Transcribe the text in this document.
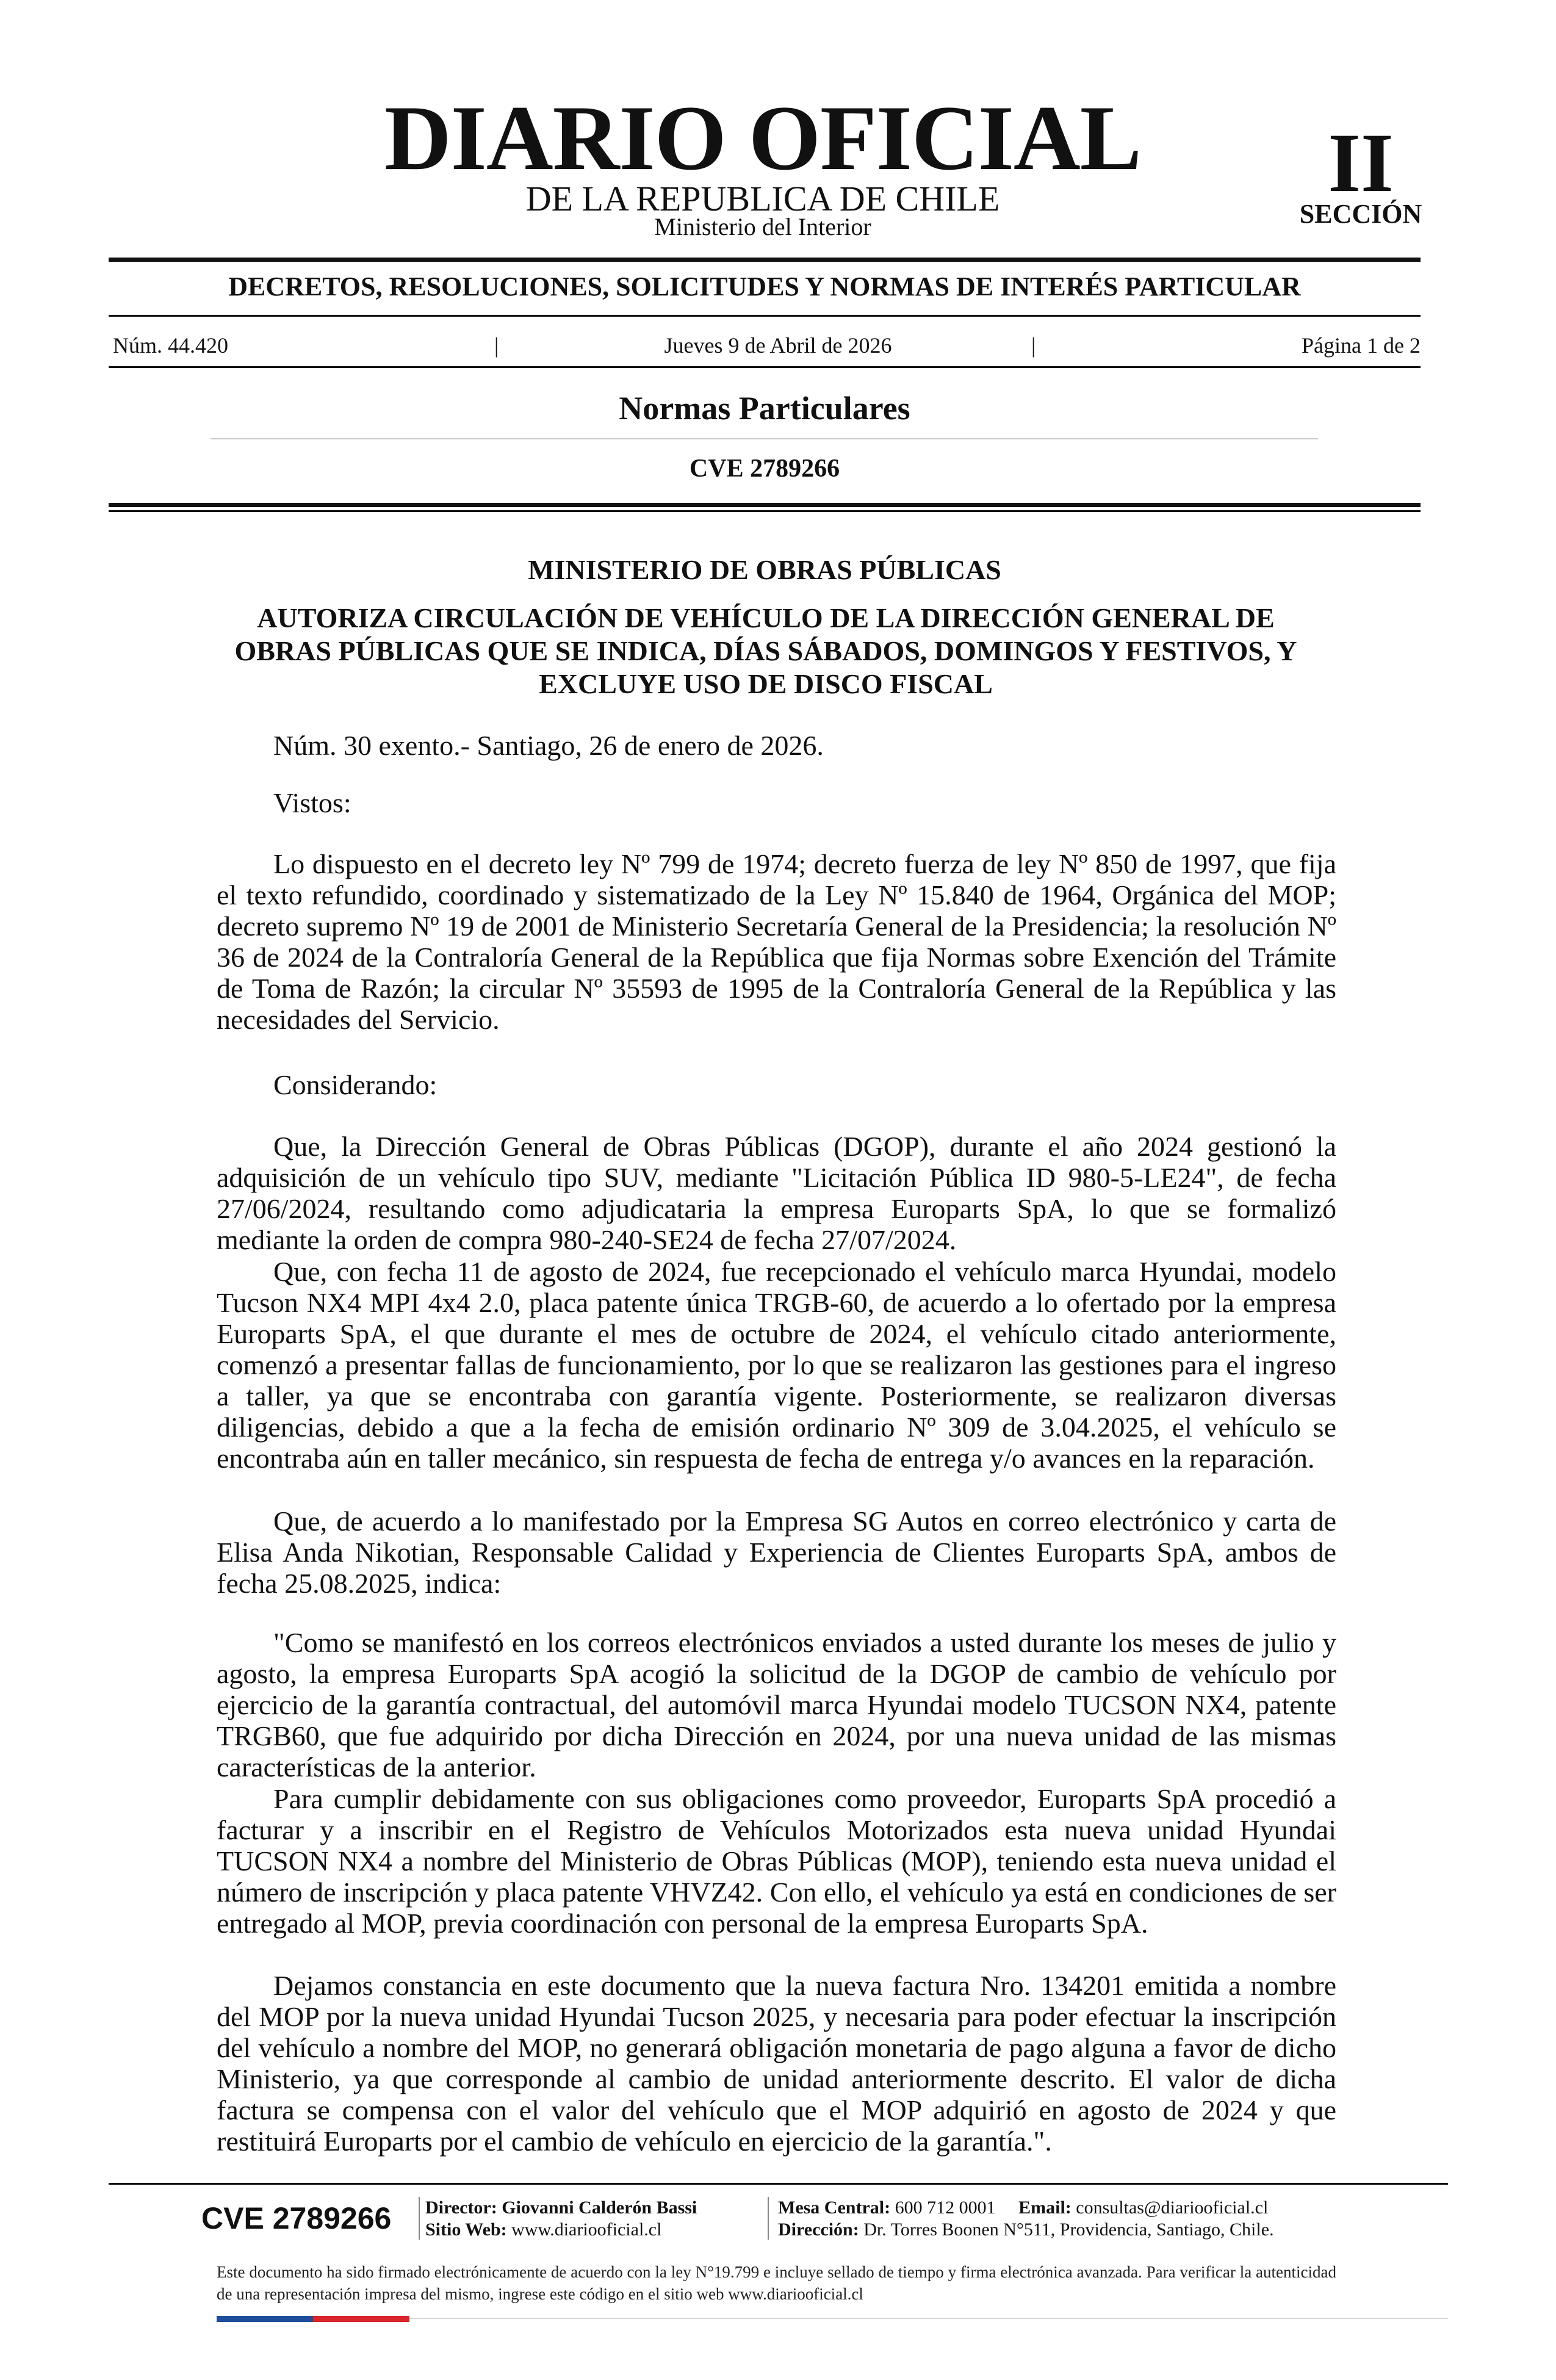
DIARIO OFICIAL
DE LA REPUBLICA DE CHILE
Ministerio del Interior
II
SECCIÓN
DECRETOS, RESOLUCIONES, SOLICITUDES Y NORMAS DE INTERÉS PARTICULAR
Núm. 44.420	|	Jueves 9 de Abril de 2026	|	Página 1 de 2
Normas Particulares
CVE 2789266
MINISTERIO DE OBRAS PÚBLICAS
AUTORIZA CIRCULACIÓN DE VEHÍCULO DE LA DIRECCIÓN GENERAL DE OBRAS PÚBLICAS QUE SE INDICA, DÍAS SÁBADOS, DOMINGOS Y FESTIVOS, Y EXCLUYE USO DE DISCO FISCAL
Núm. 30 exento.- Santiago, 26 de enero de 2026.
Vistos:
Lo dispuesto en el decreto ley Nº 799 de 1974; decreto fuerza de ley Nº 850 de 1997, que fija el texto refundido, coordinado y sistematizado de la Ley Nº 15.840 de 1964, Orgánica del MOP; decreto supremo Nº 19 de 2001 de Ministerio Secretaría General de la Presidencia; la resolución Nº 36 de 2024 de la Contraloría General de la República que fija Normas sobre Exención del Trámite de Toma de Razón; la circular Nº 35593 de 1995 de la Contraloría General de la República y las necesidades del Servicio.
Considerando:
Que, la Dirección General de Obras Públicas (DGOP), durante el año 2024 gestionó la adquisición de un vehículo tipo SUV, mediante "Licitación Pública ID 980-5-LE24", de fecha 27/06/2024, resultando como adjudicataria la empresa Europarts SpA, lo que se formalizó mediante la orden de compra 980-240-SE24 de fecha 27/07/2024.
Que, con fecha 11 de agosto de 2024, fue recepcionado el vehículo marca Hyundai, modelo Tucson NX4 MPI 4x4 2.0, placa patente única TRGB-60, de acuerdo a lo ofertado por la empresa Europarts SpA, el que durante el mes de octubre de 2024, el vehículo citado anteriormente, comenzó a presentar fallas de funcionamiento, por lo que se realizaron las gestiones para el ingreso a taller, ya que se encontraba con garantía vigente. Posteriormente, se realizaron diversas diligencias, debido a que a la fecha de emisión ordinario Nº 309 de 3.04.2025, el vehículo se encontraba aún en taller mecánico, sin respuesta de fecha de entrega y/o avances en la reparación.
Que, de acuerdo a lo manifestado por la Empresa SG Autos en correo electrónico y carta de Elisa Anda Nikotian, Responsable Calidad y Experiencia de Clientes Europarts SpA, ambos de fecha 25.08.2025, indica:
"Como se manifestó en los correos electrónicos enviados a usted durante los meses de julio y agosto, la empresa Europarts SpA acogió la solicitud de la DGOP de cambio de vehículo por ejercicio de la garantía contractual, del automóvil marca Hyundai modelo TUCSON NX4, patente TRGB60, que fue adquirido por dicha Dirección en 2024, por una nueva unidad de las mismas características de la anterior.
Para cumplir debidamente con sus obligaciones como proveedor, Europarts SpA procedió a facturar y a inscribir en el Registro de Vehículos Motorizados esta nueva unidad Hyundai TUCSON NX4 a nombre del Ministerio de Obras Públicas (MOP), teniendo esta nueva unidad el número de inscripción y placa patente VHVZ42. Con ello, el vehículo ya está en condiciones de ser entregado al MOP, previa coordinación con personal de la empresa Europarts SpA.
Dejamos constancia en este documento que la nueva factura Nro. 134201 emitida a nombre del MOP por la nueva unidad Hyundai Tucson 2025, y necesaria para poder efectuar la inscripción del vehículo a nombre del MOP, no generará obligación monetaria de pago alguna a favor de dicho Ministerio, ya que corresponde al cambio de unidad anteriormente descrito. El valor de dicha factura se compensa con el valor del vehículo que el MOP adquirió en agosto de 2024 y que restituirá Europarts por el cambio de vehículo en ejercicio de la garantía.".
CVE 2789266	Director: Giovanni Calderón Bassi
Sitio Web: www.diariooficial.cl
Mesa Central: 600 712 0001 Email: consultas@diariooficial.cl
Dirección: Dr. Torres Boonen N°511, Providencia, Santiago, Chile.
Este documento ha sido firmado electrónicamente de acuerdo con la ley N°19.799 e incluye sellado de tiempo y firma electrónica avanzada. Para verificar la autenticidad de una representación impresa del mismo, ingrese este código en el sitio web www.diariooficial.cl
